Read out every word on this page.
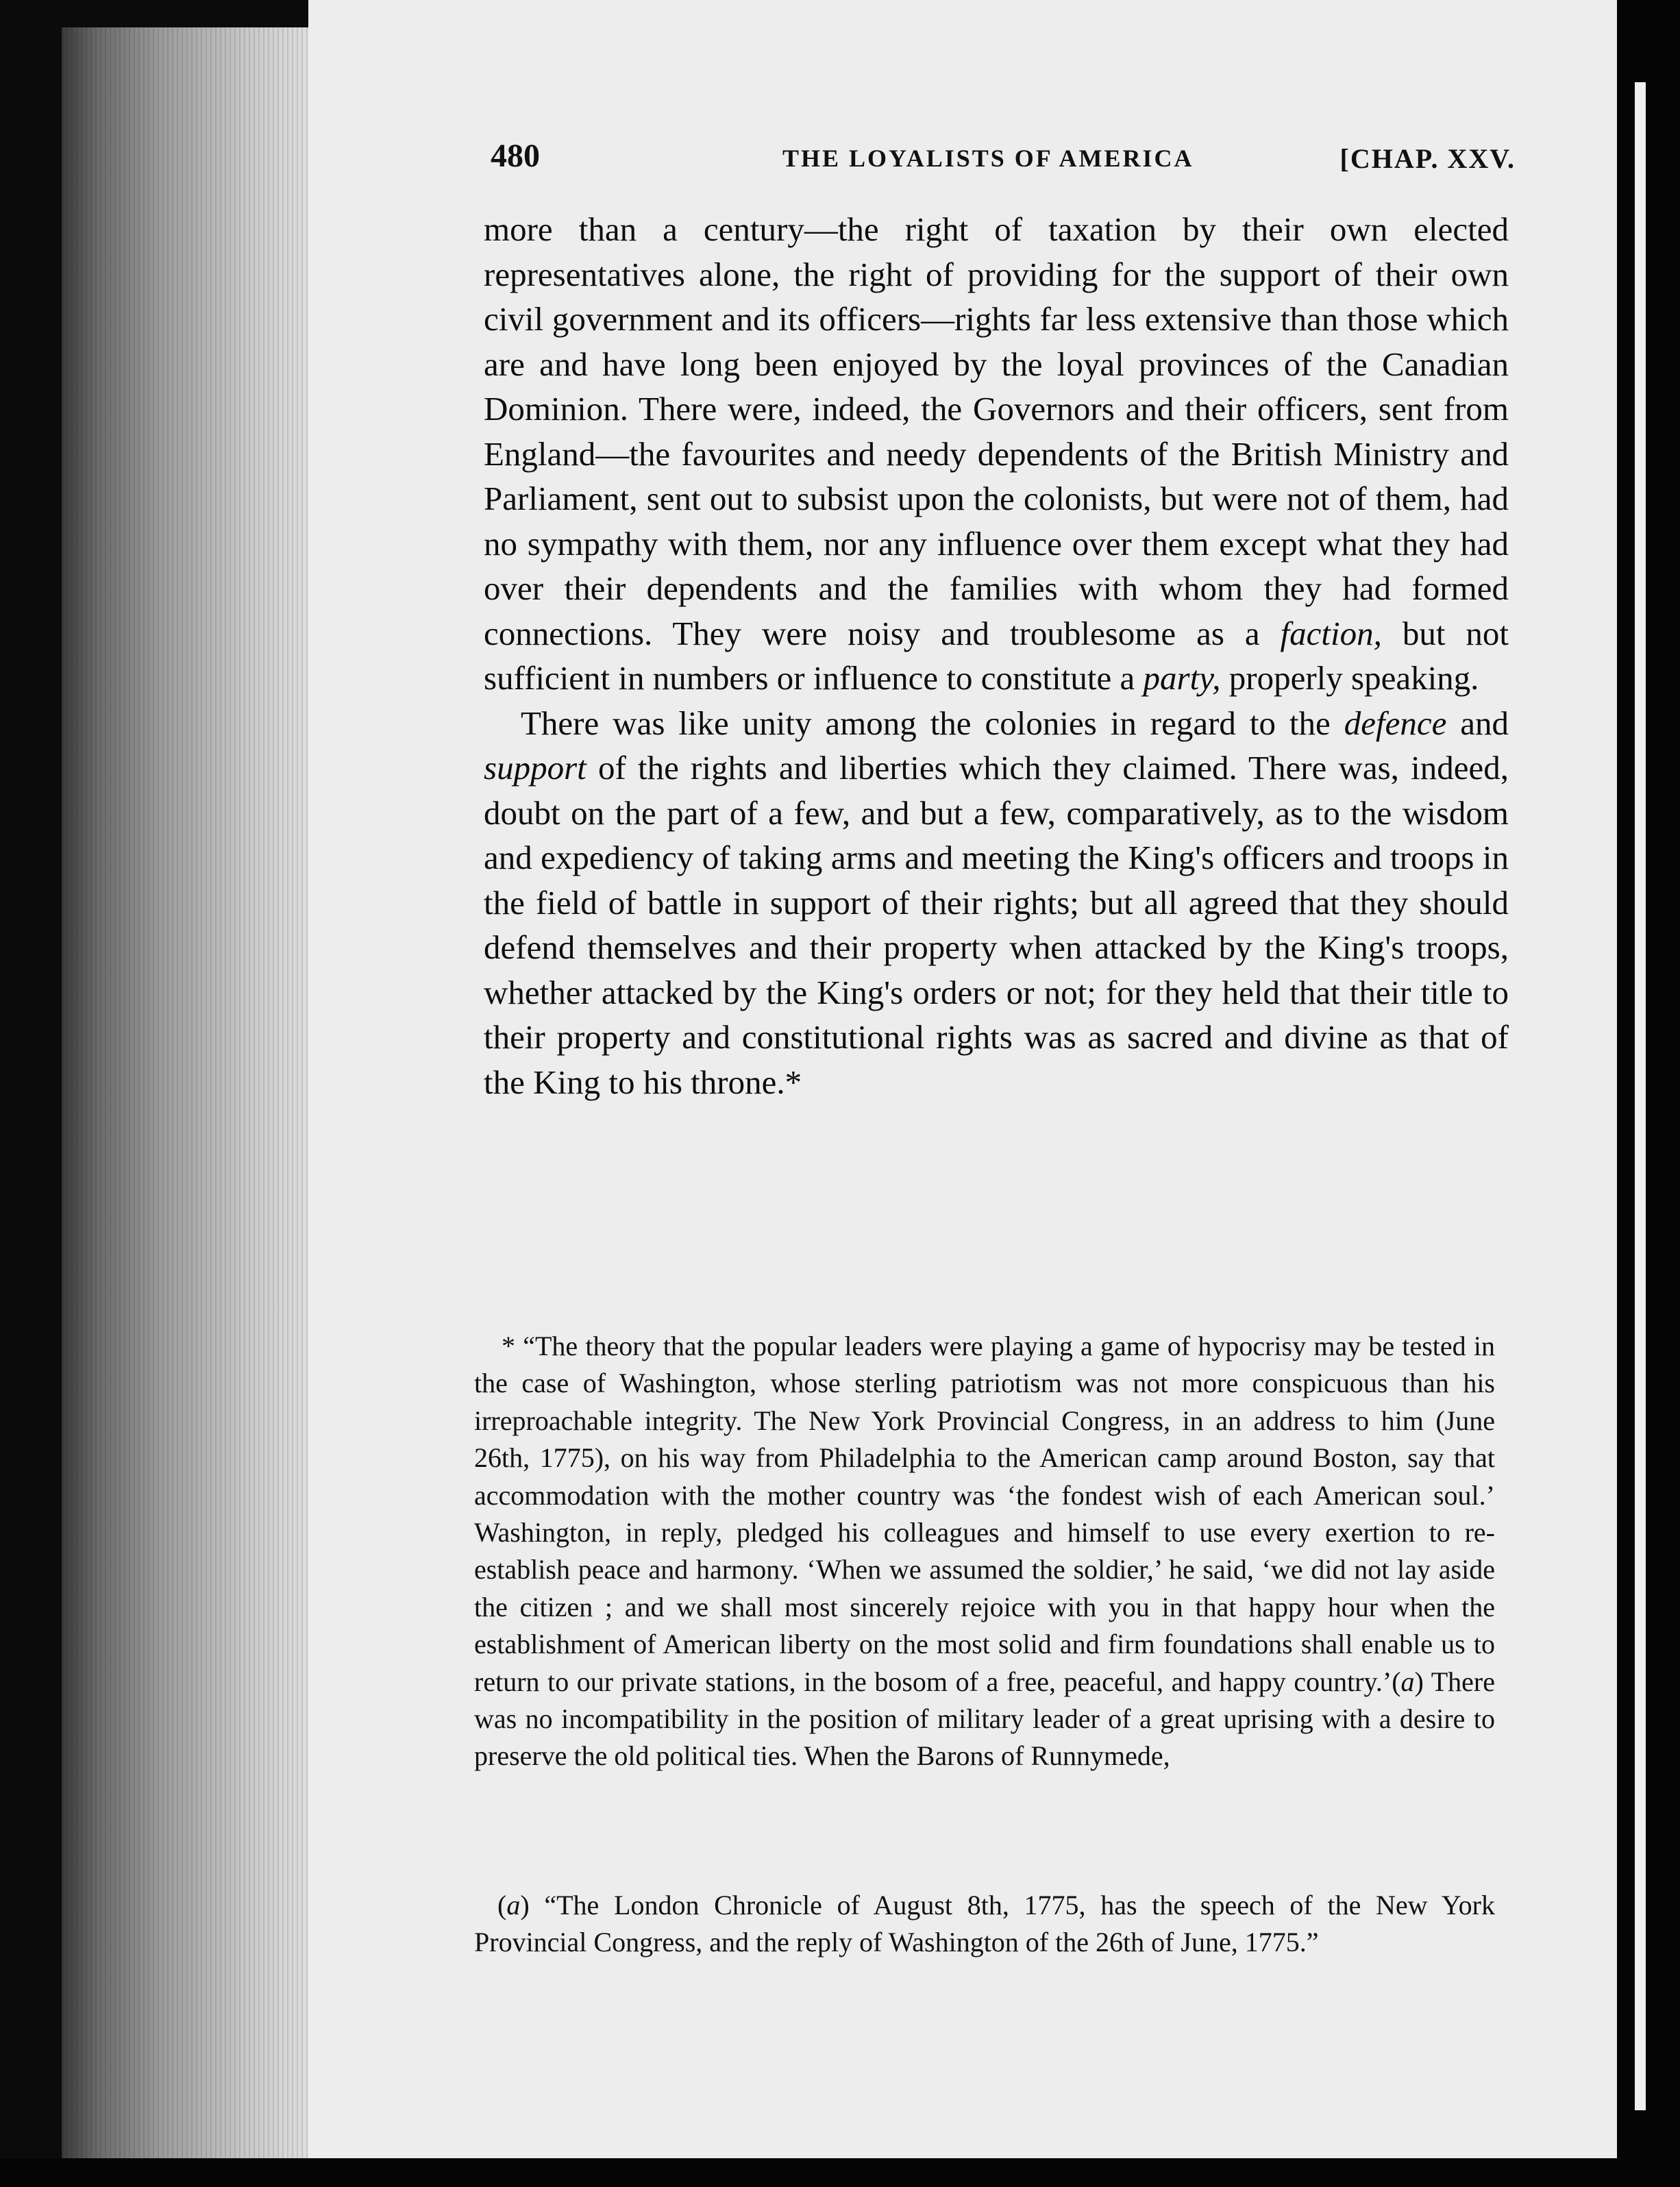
480	THE LOYALISTS OF AMERICA	[CHAP. XXV.

more than a century—the right of taxation by their own elected representatives alone, the right of providing for the support of their own civil government and its officers—rights far less extensive than those which are and have long been enjoyed by the loyal provinces of the Canadian Dominion. There were, indeed, the Governors and their officers, sent from England—the favourites and needy dependents of the British Ministry and Parliament, sent out to subsist upon the colonists, but were not of them, had no sympathy with them, nor any influence over them except what they had over their dependents and the families with whom they had formed connections. They were noisy and troublesome as a faction, but not sufficient in numbers or influence to constitute a party, properly speaking.

There was like unity among the colonies in regard to the defence and support of the rights and liberties which they claimed. There was, indeed, doubt on the part of a few, and but a few, comparatively, as to the wisdom and expediency of taking arms and meeting the King's officers and troops in the field of battle in support of their rights; but all agreed that they should defend themselves and their property when attacked by the King's troops, whether attacked by the King's orders or not; for they held that their title to their property and constitutional rights was as sacred and divine as that of the King to his throne.*

* “The theory that the popular leaders were playing a game of hypocrisy may be tested in the case of Washington, whose sterling patriotism was not more conspicuous than his irreproachable integrity. The New York Provincial Congress, in an address to him (June 26th, 1775), on his way from Philadelphia to the American camp around Boston, say that accommodation with the mother country was ‘the fondest wish of each American soul.’ Washington, in reply, pledged his colleagues and himself to use every exertion to re-establish peace and harmony. ‘When we assumed the soldier,’ he said, ‘we did not lay aside the citizen ; and we shall most sincerely rejoice with you in that happy hour when the establishment of American liberty on the most solid and firm foundations shall enable us to return to our private stations, in the bosom of a free, peaceful, and happy country.’(a) There was no incompatibility in the position of military leader of a great uprising with a desire to preserve the old political ties. When the Barons of Runnymede,

(a) “The London Chronicle of August 8th, 1775, has the speech of the New York Provincial Congress, and the reply of Washington of the 26th of June, 1775.”
